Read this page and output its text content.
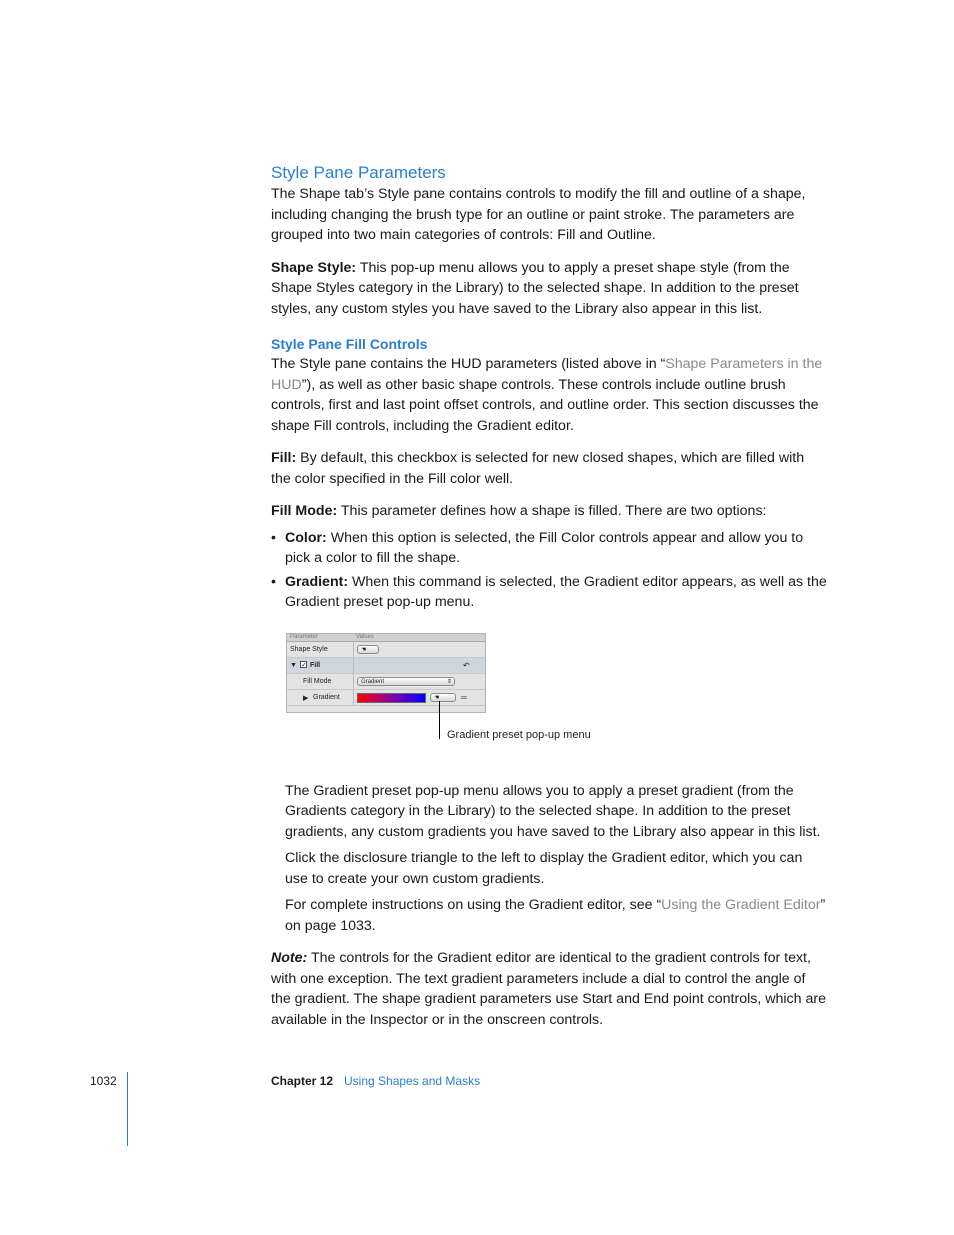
Style Pane Parameters

The Shape tab’s Style pane contains controls to modify the fill and outline of a shape, including changing the brush type for an outline or paint stroke. The parameters are grouped into two main categories of controls: Fill and Outline.

Shape Style: This pop-up menu allows you to apply a preset shape style (from the Shape Styles category in the Library) to the selected shape. In addition to the preset styles, any custom styles you have saved to the Library also appear in this list.

Style Pane Fill Controls

The Style pane contains the HUD parameters (listed above in “Shape Parameters in the HUD”), as well as other basic shape controls. These controls include outline brush controls, first and last point offset controls, and outline order. This section discusses the shape Fill controls, including the Gradient editor.

Fill: By default, this checkbox is selected for new closed shapes, which are filled with the color specified in the Fill color well.

Fill Mode: This parameter defines how a shape is filled. There are two options:

• Color: When this option is selected, the Fill Color controls appear and allow you to pick a color to fill the shape.
• Gradient: When this command is selected, the Gradient editor appears, as well as the Gradient preset pop-up menu.
Parameter	Values
Shape Style	☚
▼ ✓ Fill	↶
Fill Mode	Gradient	⇕
▶ Gradient	☚	═
Gradient preset pop-up menu

The Gradient preset pop-up menu allows you to apply a preset gradient (from the Gradients category in the Library) to the selected shape. In addition to the preset gradients, any custom gradients you have saved to the Library also appear in this list.

Click the disclosure triangle to the left to display the Gradient editor, which you can use to create your own custom gradients.

For complete instructions on using the Gradient editor, see “Using the Gradient Editor” on page 1033.

Note: The controls for the Gradient editor are identical to the gradient controls for text, with one exception. The text gradient parameters include a dial to control the angle of the gradient. The shape gradient parameters use Start and End point controls, which are available in the Inspector or in the onscreen controls.

1032	Chapter 12 Using Shapes and Masks
